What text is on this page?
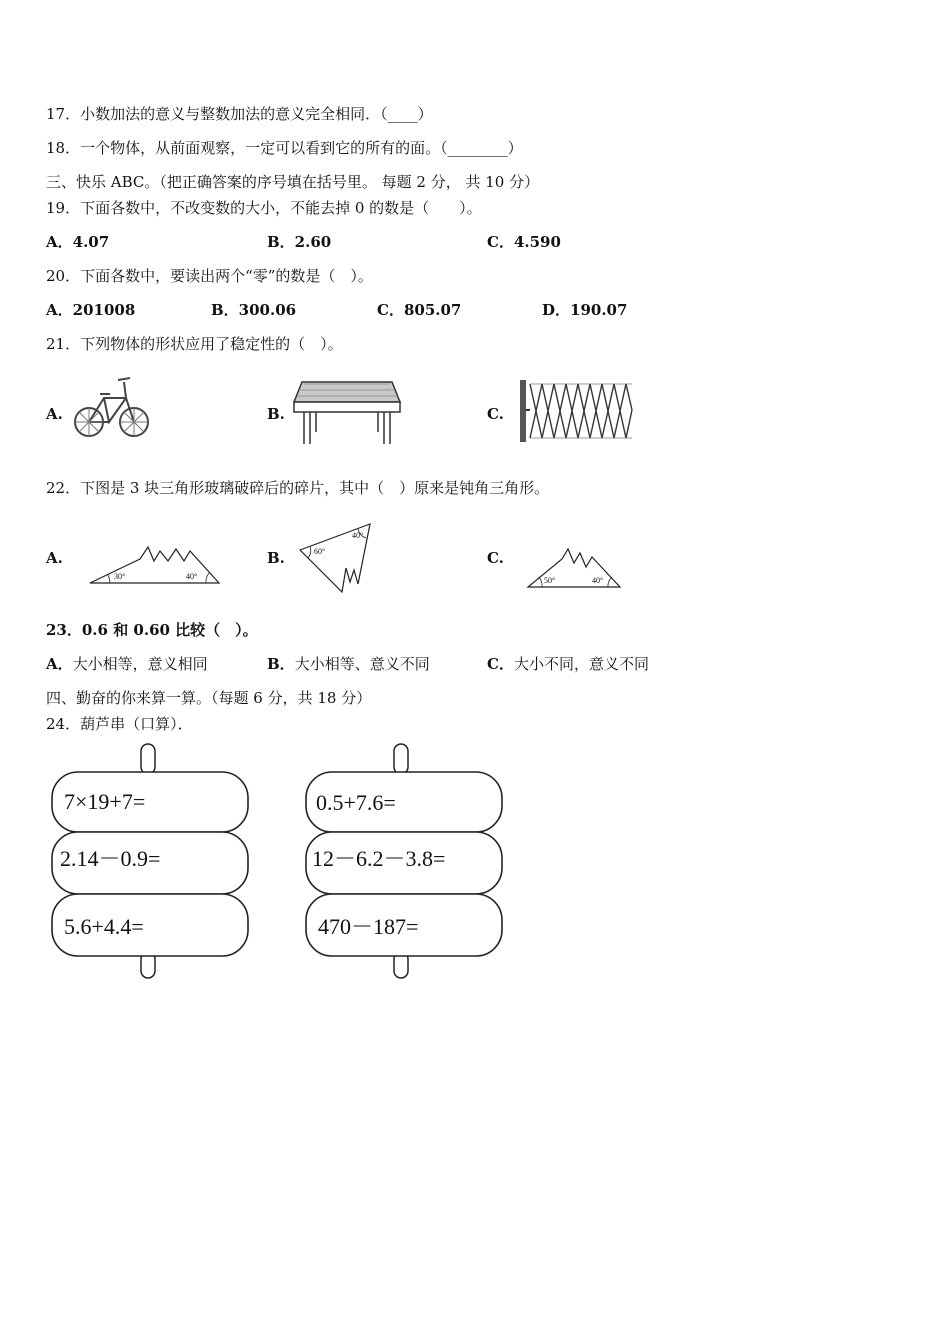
17．小数加法的意义与整数加法的意义完全相同．（____）
18．一个物体，从前面观察，一定可以看到它的所有的面。（________）
三、快乐 ABC。（把正确答案的序号填在括号里。 每题 2 分， 共 10 分）
19．下面各数中，不改变数的大小，不能去掉 0 的数是（　　）。
A．4.07	B．2.60	C．4.590
20．下面各数中，要读出两个“零”的数是（　）。
A．201008	B．300.06	C．805.07	D．190.07
21．下列物体的形状应用了稳定性的（　）。
A.	B.	C.
22．下图是 3 块三角形玻璃破碎后的碎片，其中（　）原来是钝角三角形。
A.
30°	40°
B.	60°
40°
C.
50°	40°
23．0.6 和 0.60 比较（　）。
A．大小相等，意义相同	B．大小相等、意义不同	C．大小不同，意义不同
四、勤奋的你来算一算。（每题 6 分，共 18 分）
24．葫芦串（口算）．
7×19+7=
2.14－0.9=
5.6+4.4=
0.5+7.6=
12－6.2－3.8=
470－187=
